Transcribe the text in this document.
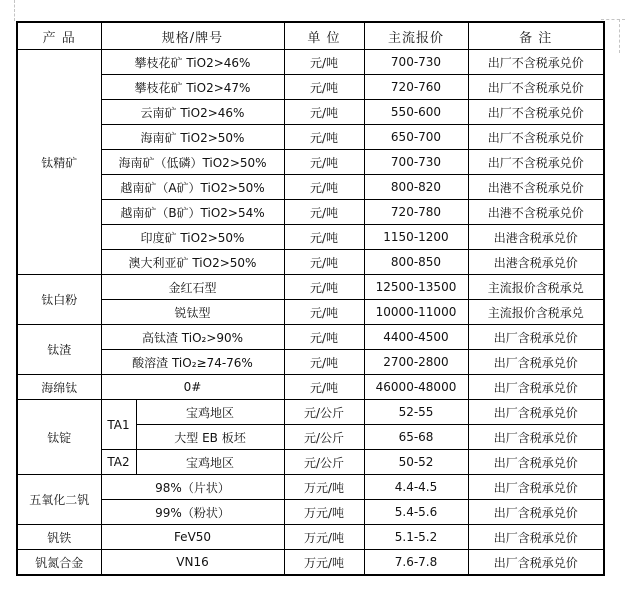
产 品	规格/牌号		单 位	主流报价	备 注
钛精矿	攀枝花矿 TiO2>46%		元/吨	700-730	出厂不含税承兑价
	攀枝花矿 TiO2>47%		元/吨	720-760	出厂不含税承兑价
	云南矿 TiO2>46%		元/吨	550-600	出厂不含税承兑价
	海南矿 TiO2>50%		元/吨	650-700	出厂不含税承兑价
	海南矿（低磷）TiO2>50%		元/吨	700-730	出厂不含税承兑价
	越南矿（A矿）TiO2>50%		元/吨	800-820	出港不含税承兑价
	越南矿（B矿）TiO2>54%		元/吨	720-780	出港不含税承兑价
	印度矿 TiO2>50%		元/吨	1150-1200	出港含税承兑价
	澳大利亚矿 TiO2>50%		元/吨	800-850	出港含税承兑价
钛白粉	金红石型		元/吨	12500-13500	主流报价含税承兑
	锐钛型		元/吨	10000-11000	主流报价含税承兑
钛渣	高钛渣 TiO₂>90%		元/吨	4400-4500	出厂含税承兑价
	酸溶渣 TiO₂≥74-76%		元/吨	2700-2800	出厂含税承兑价
海绵钛	0#		元/吨	46000-48000	出厂含税承兑价
钛锭	TA1	宝鸡地区	元/公斤	52-55	出厂含税承兑价
		大型 EB 板坯	元/公斤	65-68	出厂含税承兑价
	TA2	宝鸡地区	元/公斤	50-52	出厂含税承兑价
五氧化二钒	98%（片状）		万元/吨	4.4-4.5	出厂含税承兑价
	99%（粉状）		万元/吨	5.4-5.6	出厂含税承兑价
钒铁	FeV50		万元/吨	5.1-5.2	出厂含税承兑价
钒氮合金	VN16		万元/吨	7.6-7.8	出厂含税承兑价
